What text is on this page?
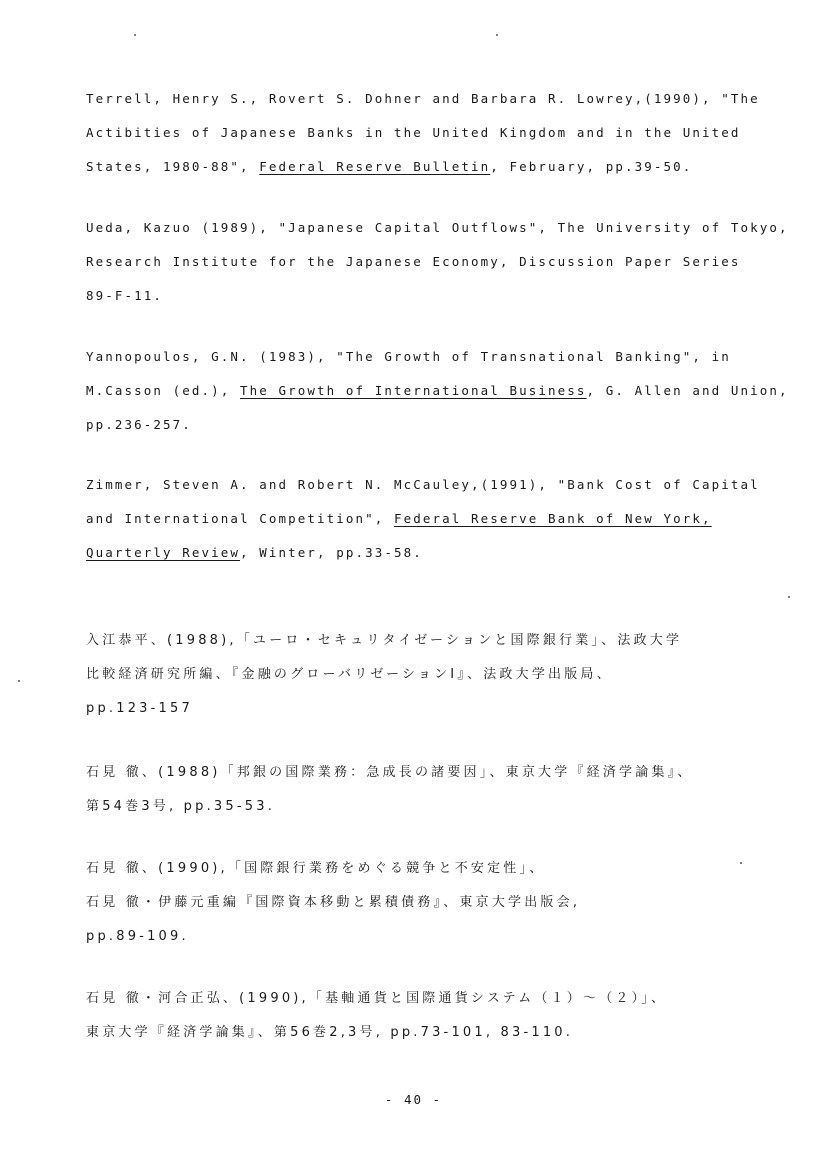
Terrell, Henry S., Rovert S. Dohner and Barbara R. Lowrey,(1990), "The
Actibities of Japanese Banks in the United Kingdom and in the United
States, 1980-88", Federal Reserve Bulletin, February, pp.39-50.
Ueda, Kazuo (1989), "Japanese Capital Outflows", The University of Tokyo,
Research Institute for the Japanese Economy, Discussion Paper Series
89-F-11.
Yannopoulos, G.N. (1983), "The Growth of Transnational Banking", in
M.Casson (ed.), The Growth of International Business, G. Allen and Union,
pp.236-257.
Zimmer, Steven A. and Robert N. McCauley,(1991), "Bank Cost of Capital
and International Competition", Federal Reserve Bank of New York,
Quarterly Review, Winter, pp.33-58.
入江恭平、(1988),「ユーロ・セキュリタイゼーションと国際銀行業」、法政大学
比較経済研究所編、『金融のグローバリゼーションⅠ』、法政大学出版局、
pp.123-157
石見 徹、(1988)「邦銀の国際業務：急成長の諸要因」、東京大学『経済学論集』、
第54巻3号, pp.35-53.
石見 徹、(1990),「国際銀行業務をめぐる競争と不安定性」、
石見 徹・伊藤元重編『国際資本移動と累積債務』、東京大学出版会,
pp.89-109.
石見 徹・河合正弘、(1990),「基軸通貨と国際通貨システム（１）～（２）」、
東京大学『経済学論集』、第56巻2,3号, pp.73-101, 83-110.
- 40 -
